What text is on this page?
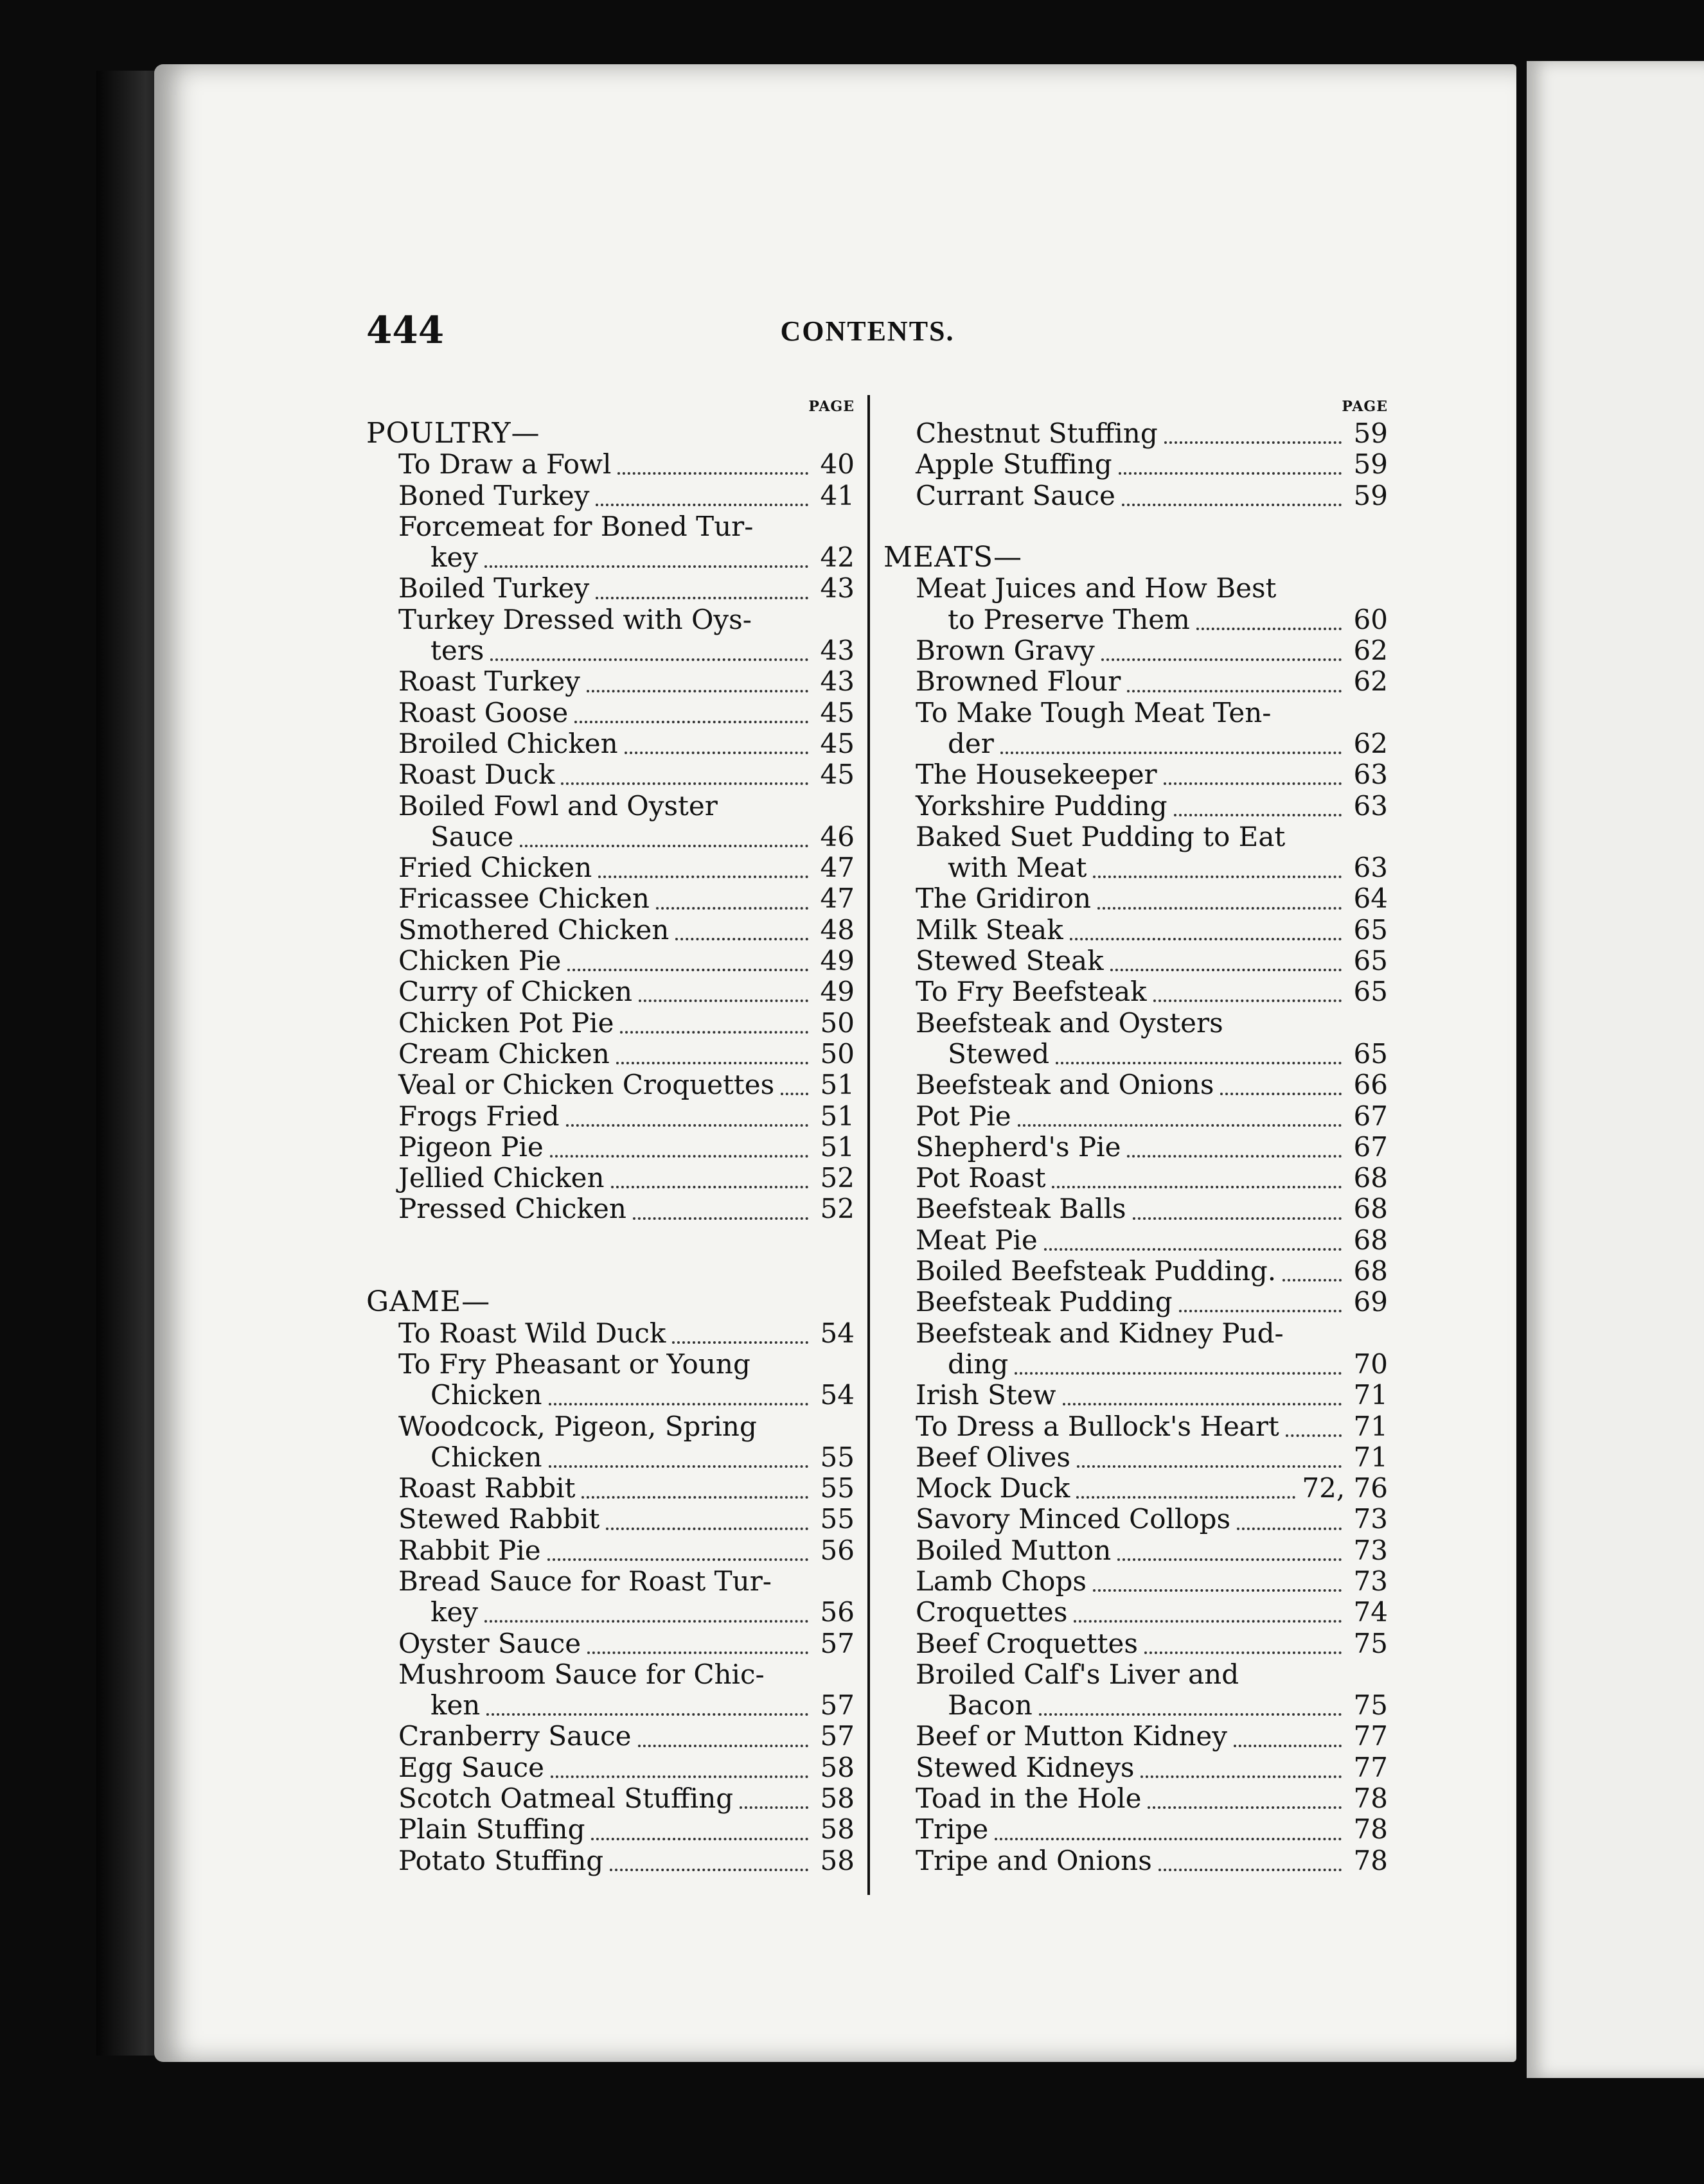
444	CONTENTS.
PAGE
POULTRY—
To Draw a Fowl	40
Boned Turkey	41
Forcemeat for Boned Tur-
key	42
Boiled Turkey	43
Turkey Dressed with Oys-
ters	43
Roast Turkey	43
Roast Goose	45
Broiled Chicken	45
Roast Duck	45
Boiled Fowl and Oyster
Sauce	46
Fried Chicken	47
Fricassee Chicken	47
Smothered Chicken	48
Chicken Pie	49
Curry of Chicken	49
Chicken Pot Pie	50
Cream Chicken	50
Veal or Chicken Croquettes 51
Frogs Fried	51
Pigeon Pie	51
Jellied Chicken	52
Pressed Chicken	52
GAME—
To Roast Wild Duck	54
To Fry Pheasant or Young
Chicken	54
Woodcock, Pigeon, Spring
Chicken	55
Roast Rabbit	55
Stewed Rabbit	55
Rabbit Pie	56
Bread Sauce for Roast Tur-
key	56
Oyster Sauce	57
Mushroom Sauce for Chic-
ken	57
Cranberry Sauce	57
Egg Sauce	58
Scotch Oatmeal Stuffing	58
Plain Stuffing	58
Potato Stuffing	58
PAGE
Chestnut Stuffing	59
Apple Stuffing	59
Currant Sauce	59
MEATS—
Meat Juices and How Best
to Preserve Them	60
Brown Gravy	62
Browned Flour	62
To Make Tough Meat Ten-
der	62
The Housekeeper	63
Yorkshire Pudding	63
Baked Suet Pudding to Eat
with Meat	63
The Gridiron	64
Milk Steak	65
Stewed Steak	65
To Fry Beefsteak	65
Beefsteak and Oysters
Stewed	65
Beefsteak and Onions	66
Pot Pie	67
Shepherd's Pie	67
Pot Roast	68
Beefsteak Balls	68
Meat Pie	68
Boiled Beefsteak Pudding.	68
Beefsteak Pudding	69
Beefsteak and Kidney Pud-
ding	70
Irish Stew	71
To Dress a Bullock's Heart	71
Beef Olives	71
Mock Duck	72, 76
Savory Minced Collops	73
Boiled Mutton	73
Lamb Chops	73
Croquettes	74
Beef Croquettes	75
Broiled Calf's Liver and
Bacon	75
Beef or Mutton Kidney	77
Stewed Kidneys	77
Toad in the Hole	78
Tripe	78
Tripe and Onions	78
